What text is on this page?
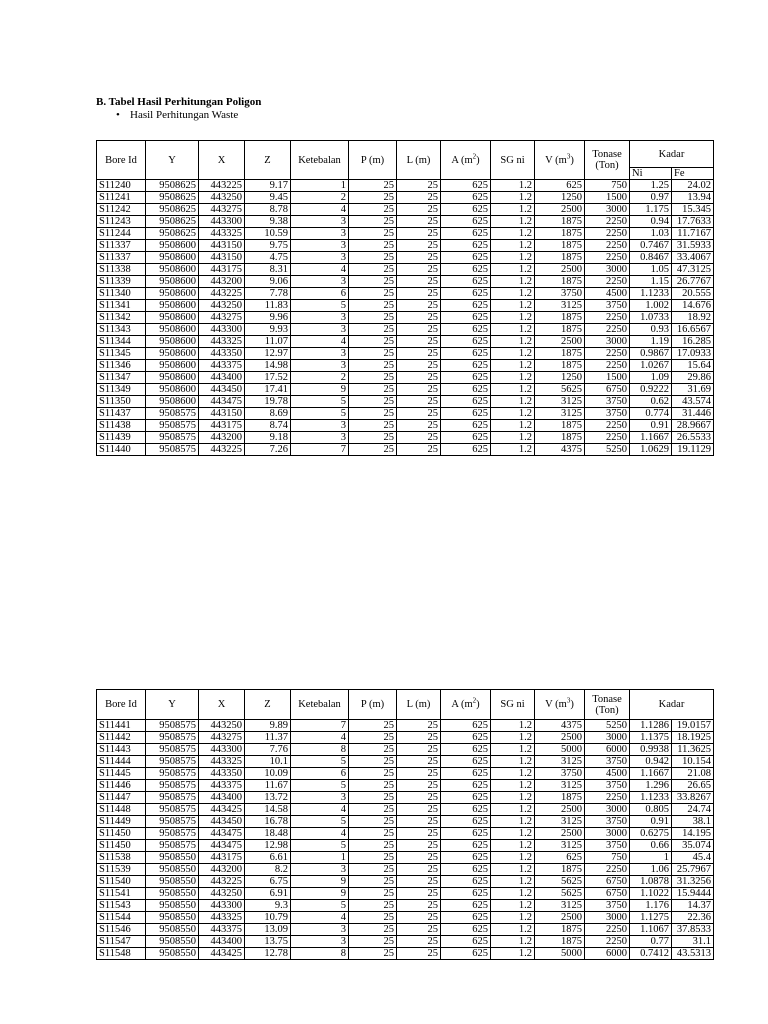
B. Tabel Hasil Perhitungan Poligon
• Hasil Perhitungan Waste
Bore Id	Y	X	Z	Ketebalan	P (m)	L (m)	A $(m^2)$	SG ni	V $(m^3)$	Tonase
(Ton)	Kadar	
											Ni	Fe
S11240	9508625	443225	9.17	1	25	25	625	1.2	625	750	1.25	24.02
S11241	9508625	443250	9.45	2	25	25	625	1.2	1250	1500	0.97	13.94
S11242	9508625	443275	8.78	4	25	25	625	1.2	2500	3000	1.175	15.345
S11243	9508625	443300	9.38	3	25	25	625	1.2	1875	2250	0.94	17.7633
S11244	9508625	443325	10.59	3	25	25	625	1.2	1875	2250	1.03	11.7167
S11337	9508600	443150	9.75	3	25	25	625	1.2	1875	2250	0.7467	31.5933
S11337	9508600	443150	4.75	3	25	25	625	1.2	1875	2250	0.8467	33.4067
S11338	9508600	443175	8.31	4	25	25	625	1.2	2500	3000	1.05	47.3125
S11339	9508600	443200	9.06	3	25	25	625	1.2	1875	2250	1.15	26.7767
S11340	9508600	443225	7.78	6	25	25	625	1.2	3750	4500	1.1233	20.555
S11341	9508600	443250	11.83	5	25	25	625	1.2	3125	3750	1.002	14.676
S11342	9508600	443275	9.96	3	25	25	625	1.2	1875	2250	1.0733	18.92
S11343	9508600	443300	9.93	3	25	25	625	1.2	1875	2250	0.93	16.6567
S11344	9508600	443325	11.07	4	25	25	625	1.2	2500	3000	1.19	16.285
S11345	9508600	443350	12.97	3	25	25	625	1.2	1875	2250	0.9867	17.0933
S11346	9508600	443375	14.98	3	25	25	625	1.2	1875	2250	1.0267	15.64
S11347	9508600	443400	17.52	2	25	25	625	1.2	1250	1500	1.09	29.86
S11349	9508600	443450	17.41	9	25	25	625	1.2	5625	6750	0.9222	31.69
S11350	9508600	443475	19.78	5	25	25	625	1.2	3125	3750	0.62	43.574
S11437	9508575	443150	8.69	5	25	25	625	1.2	3125	3750	0.774	31.446
S11438	9508575	443175	8.74	3	25	25	625	1.2	1875	2250	0.91	28.9667
S11439	9508575	443200	9.18	3	25	25	625	1.2	1875	2250	1.1667	26.5533
S11440	9508575	443225	7.26	7	25	25	625	1.2	4375	5250	1.0629	19.1129
Bore Id	Y	X	Z	Ketebalan	P (m)	L (m)	A $(m^2)$	SG ni	V $(m^3)$	Tonase
(Ton)	Kadar	
S11441	9508575	443250	9.89	7	25	25	625	1.2	4375	5250	1.1286	19.0157
S11442	9508575	443275	11.37	4	25	25	625	1.2	2500	3000	1.1375	18.1925
S11443	9508575	443300	7.76	8	25	25	625	1.2	5000	6000	0.9938	11.3625
S11444	9508575	443325	10.1	5	25	25	625	1.2	3125	3750	0.942	10.154
S11445	9508575	443350	10.09	6	25	25	625	1.2	3750	4500	1.1667	21.08
S11446	9508575	443375	11.67	5	25	25	625	1.2	3125	3750	1.296	26.65
S11447	9508575	443400	13.72	3	25	25	625	1.2	1875	2250	1.1233	33.8267
S11448	9508575	443425	14.58	4	25	25	625	1.2	2500	3000	0.805	24.74
S11449	9508575	443450	16.78	5	25	25	625	1.2	3125	3750	0.91	38.1
S11450	9508575	443475	18.48	4	25	25	625	1.2	2500	3000	0.6275	14.195
S11450	9508575	443475	12.98	5	25	25	625	1.2	3125	3750	0.66	35.074
S11538	9508550	443175	6.61	1	25	25	625	1.2	625	750	1	45.4
S11539	9508550	443200	8.2	3	25	25	625	1.2	1875	2250	1.06	25.7967
S11540	9508550	443225	6.75	9	25	25	625	1.2	5625	6750	1.0878	31.3256
S11541	9508550	443250	6.91	9	25	25	625	1.2	5625	6750	1.1022	15.9444
S11543	9508550	443300	9.3	5	25	25	625	1.2	3125	3750	1.176	14.37
S11544	9508550	443325	10.79	4	25	25	625	1.2	2500	3000	1.1275	22.36
S11546	9508550	443375	13.09	3	25	25	625	1.2	1875	2250	1.1067	37.8533
S11547	9508550	443400	13.75	3	25	25	625	1.2	1875	2250	0.77	31.1
S11548	9508550	443425	12.78	8	25	25	625	1.2	5000	6000	0.7412	43.5313
